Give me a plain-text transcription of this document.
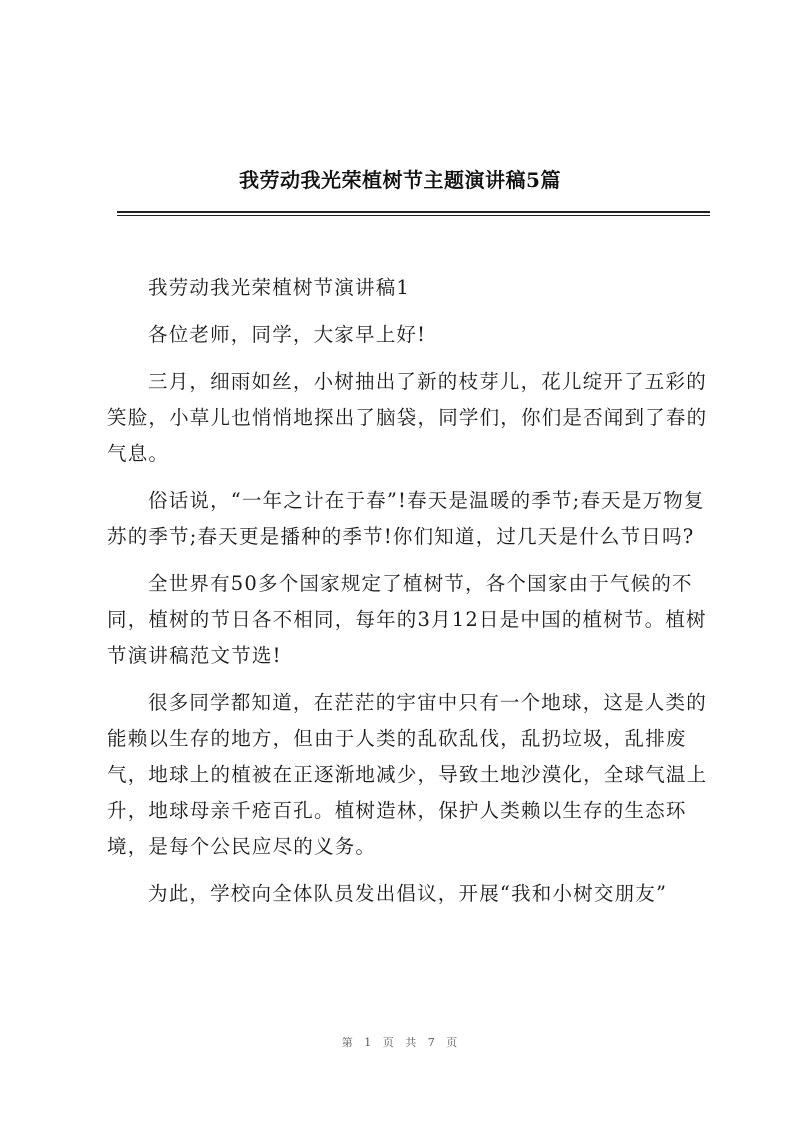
我劳动我光荣植树节主题演讲稿5篇

我劳动我光荣植树节演讲稿1

各位老师，同学，大家早上好!

三月，细雨如丝，小树抽出了新的枝芽儿，花儿绽开了五彩的笑脸，小草儿也悄悄地探出了脑袋，同学们，你们是否闻到了春的气息。

俗话说，“一年之计在于春”!春天是温暖的季节;春天是万物复苏的季节;春天更是播种的季节!你们知道，过几天是什么节日吗?

全世界有50多个国家规定了植树节，各个国家由于气候的不同，植树的节日各不相同，每年的3月12日是中国的植树节。植树节演讲稿范文节选!

很多同学都知道，在茫茫的宇宙中只有一个地球，这是人类的能赖以生存的地方，但由于人类的乱砍乱伐，乱扔垃圾，乱排废气，地球上的植被在正逐渐地减少，导致土地沙漠化，全球气温上升，地球母亲千疮百孔。植树造林，保护人类赖以生存的生态环境，是每个公民应尽的义务。

为此，学校向全体队员发出倡议，开展“我和小树交朋友”

第 1 页 共 7 页
